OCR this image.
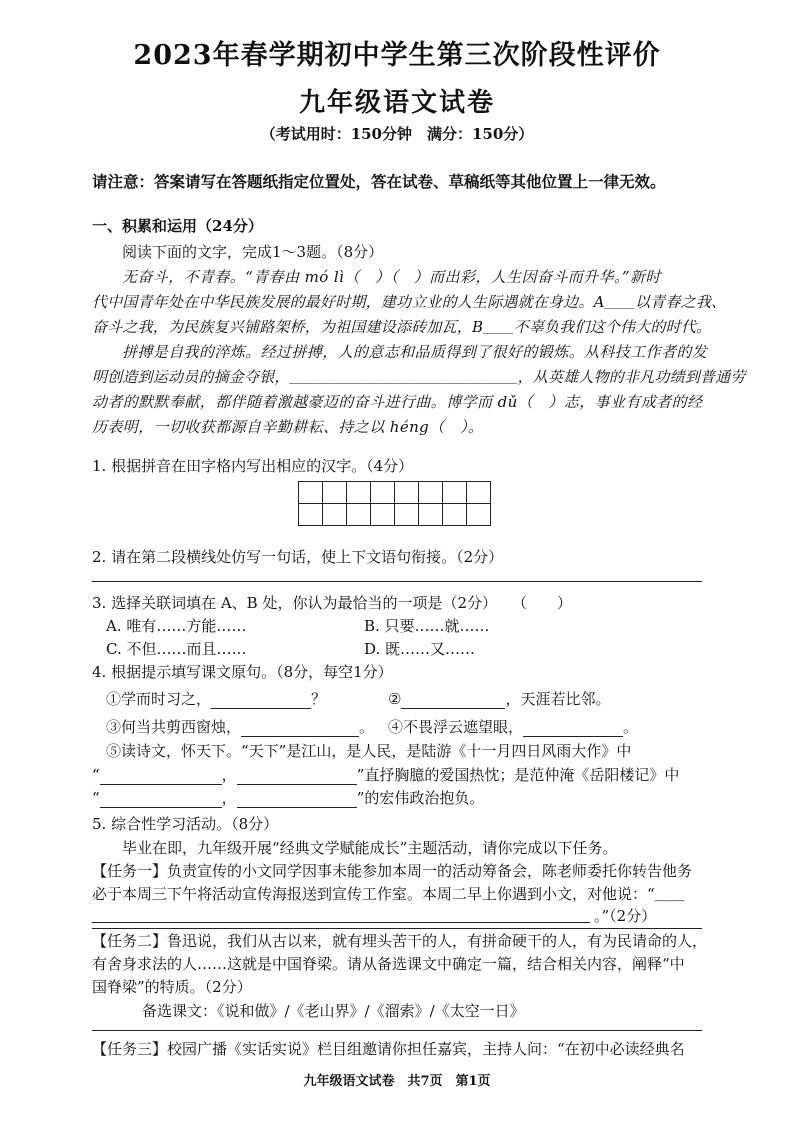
2023年春学期初中学生第三次阶段性评价
九年级语文试卷
（考试用时：150分钟　满分：150分）
请注意：答案请写在答题纸指定位置处，答在试卷、草稿纸等其他位置上一律无效。
一、积累和运用（24分）
阅读下面的文字，完成1～3题。（8分）
无奋斗，不青春。“青春由 mó lì（　）（　）而出彩，人生因奋斗而升华。”新时
代中国青年处在中华民族发展的最好时期，建功立业的人生际遇就在身边。A＿＿以青春之我、
奋斗之我，为民族复兴铺路架桥，为祖国建设添砖加瓦，B＿＿不辜负我们这个伟大的时代。
拼搏是自我的淬炼。经过拼搏，人的意志和品质得到了很好的锻炼。从科技工作者的发
明创造到运动员的摘金夺银，＿＿＿＿＿＿＿＿＿＿＿＿＿＿＿，从英雄人物的非凡功绩到普通劳
动者的默默奉献，都伴随着激越豪迈的奋斗进行曲。博学而 dǔ（　）志，事业有成者的经
历表明，一切收获都源自辛勤耕耘、持之以 héng（　）。
1. 根据拼音在田字格内写出相应的汉字。（4分）

2. 请在第二段横线处仿写一句话，使上下文语句衔接。（2分）
3. 选择关联词填在 A、B 处，你认为最恰当的一项是（2分）　　（　　）
A. 唯有……方能……	B. 只要……就……
C. 不但……而且……	D. 既……又……
4. 根据提示填写课文原句。（8分，每空1分）
①学而时习之，	？	②	，天涯若比邻。
③何当共剪西窗烛，	。 ④不畏浮云遮望眼，	。
⑤读诗文，怀天下。“天下”是江山，是人民，是陆游《十一月四日风雨大作》中
“	，	”直抒胸臆的爱国热忱；是范仲淹《岳阳楼记》中
“	，	”的宏伟政治抱负。
5. 综合性学习活动。（8分）
毕业在即，九年级开展“经典文学赋能成长”主题活动，请你完成以下任务。
【任务一】负责宣传的小文同学因事未能参加本周一的活动筹备会，陈老师委托你转告他务
必于本周三下午将活动宣传海报送到宣传工作室。本周二早上你遇到小文，对他说：“＿＿
。”（2分）
【任务二】鲁迅说，我们从古以来，就有埋头苦干的人，有拼命硬干的人，有为民请命的人，
有舍身求法的人……这就是中国脊梁。请从备选课文中确定一篇，结合相关内容，阐释“中
国脊梁”的特质。（2分）
备选课文：《说和做》/《老山界》/《溜索》/《太空一日》
【任务三】校园广播《实话实说》栏目组邀请你担任嘉宾，主持人问：“在初中必读经典名
九年级语文试卷　共7页　第1页
